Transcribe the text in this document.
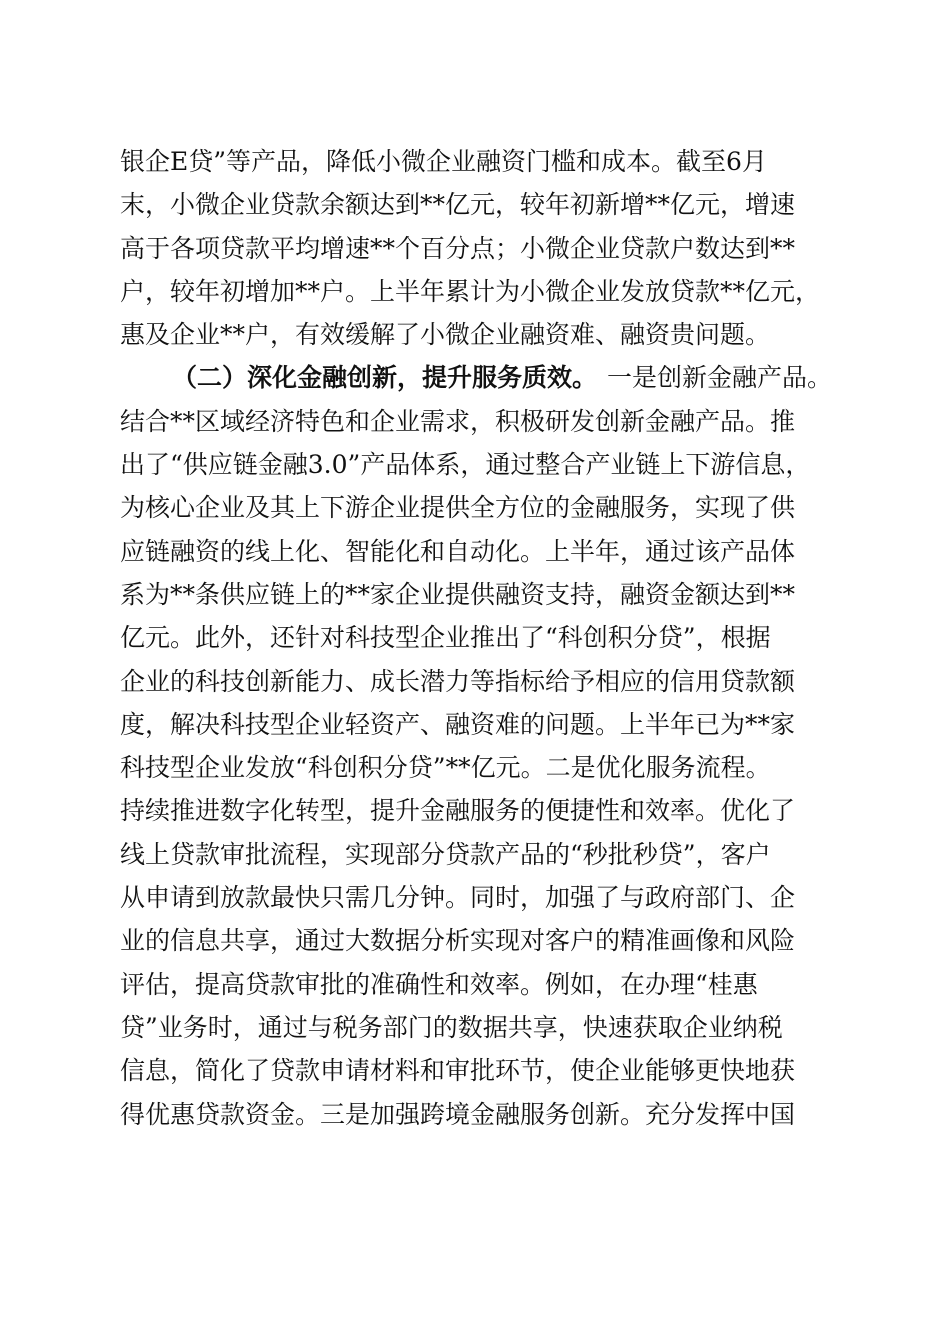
银企E贷”等产品，降低小微企业融资门槛和成本。截至6月
末，小微企业贷款余额达到**亿元，较年初新增**亿元，增速
高于各项贷款平均增速**个百分点；小微企业贷款户数达到**
户，较年初增加**户。上半年累计为小微企业发放贷款**亿元，
惠及企业**户，有效缓解了小微企业融资难、融资贵问题。
（二）深化金融创新，提升服务质效。 一是创新金融产品。
结合**区域经济特色和企业需求，积极研发创新金融产品。推
出了“供应链金融3.0”产品体系，通过整合产业链上下游信息，
为核心企业及其上下游企业提供全方位的金融服务，实现了供
应链融资的线上化、智能化和自动化。上半年，通过该产品体
系为**条供应链上的**家企业提供融资支持，融资金额达到**
亿元。此外，还针对科技型企业推出了“科创积分贷”，根据
企业的科技创新能力、成长潜力等指标给予相应的信用贷款额
度，解决科技型企业轻资产、融资难的问题。上半年已为**家
科技型企业发放“科创积分贷”**亿元。二是优化服务流程。
持续推进数字化转型，提升金融服务的便捷性和效率。优化了
线上贷款审批流程，实现部分贷款产品的“秒批秒贷”，客户
从申请到放款最快只需几分钟。同时，加强了与政府部门、企
业的信息共享，通过大数据分析实现对客户的精准画像和风险
评估，提高贷款审批的准确性和效率。例如，在办理“桂惠
贷”业务时，通过与税务部门的数据共享，快速获取企业纳税
信息，简化了贷款申请材料和审批环节，使企业能够更快地获
得优惠贷款资金。三是加强跨境金融服务创新。充分发挥中国
